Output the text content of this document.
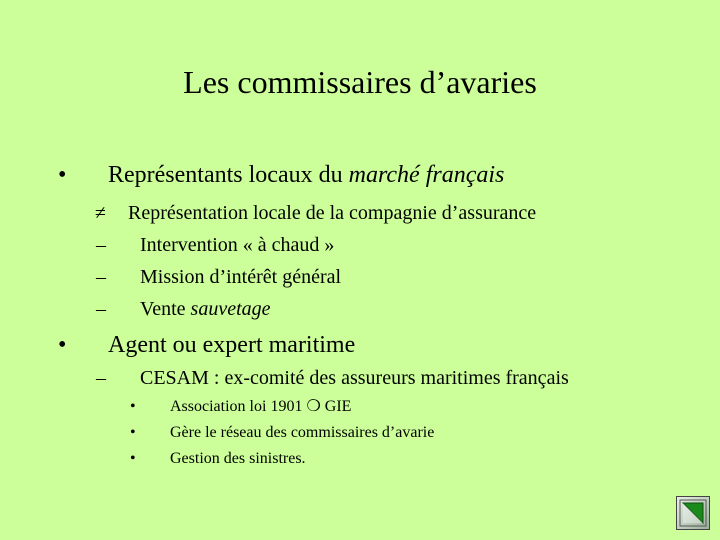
Les commissaires d’avaries
• Représentants locaux du marché français
≠ Représentation locale de la compagnie d’assurance
– Intervention « à chaud »
– Mission d’intérêt général
– Vente sauvetage
• Agent ou expert maritime
– CESAM : ex-comité des assureurs maritimes français
• Association loi 1901 ❍ GIE
• Gère le réseau des commissaires d’avarie
• Gestion des sinistres.
